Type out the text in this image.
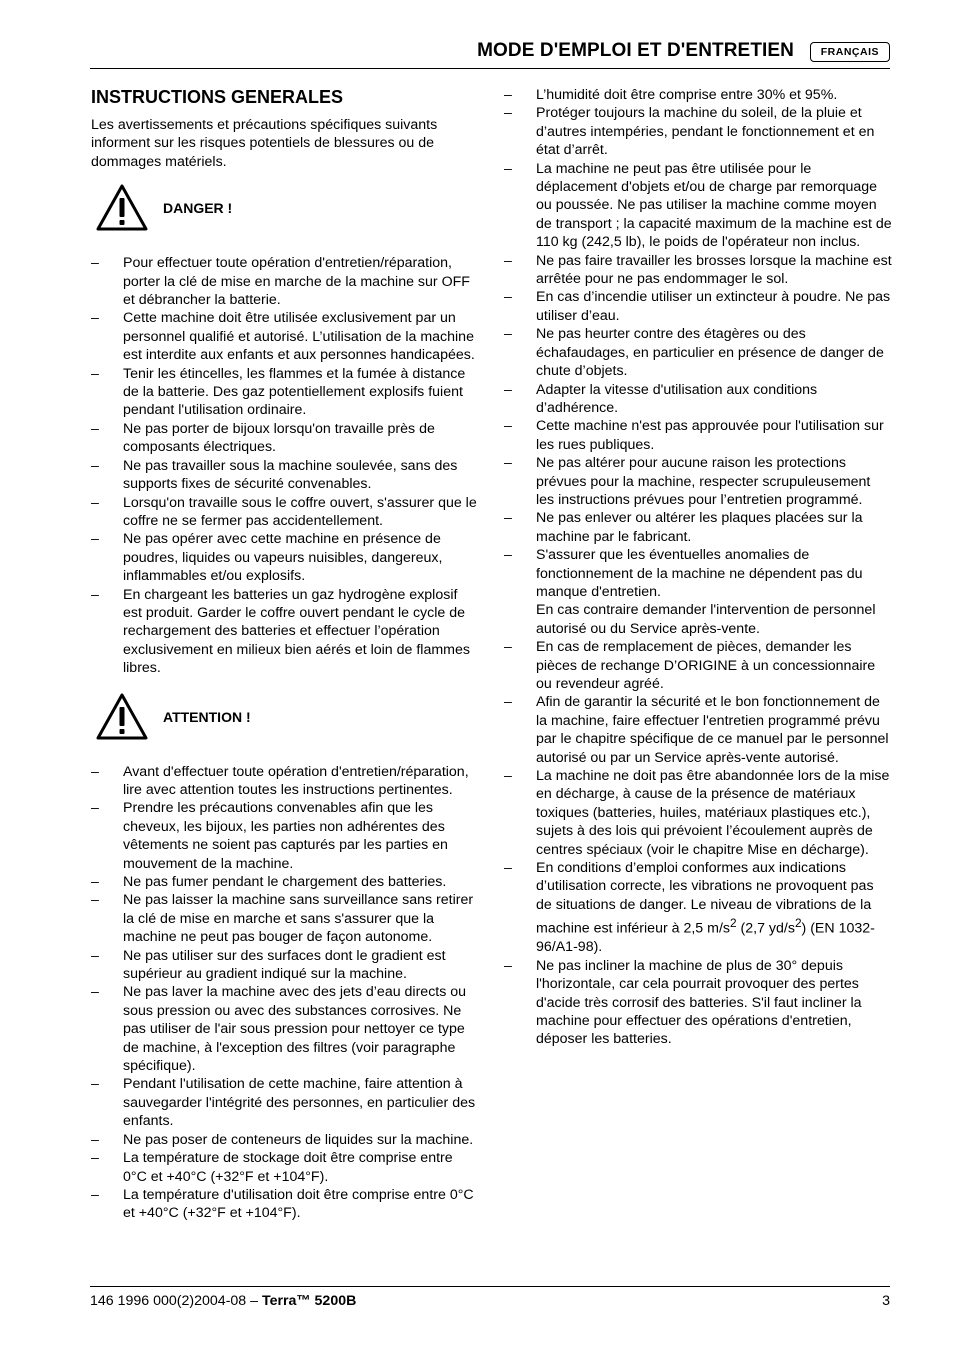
MODE D'EMPLOI ET D'ENTRETIEN	FRANÇAIS
INSTRUCTIONS GENERALES

Les avertissements et précautions spécifiques suivants informent sur les risques potentiels de blessures ou de dommages matériels.

DANGER !
– Pour effectuer toute opération d'entretien/réparation, porter la clé de mise en marche de la machine sur OFF et débrancher la batterie.
– Cette machine doit être utilisée exclusivement par un personnel qualifié et autorisé. L’utilisation de la machine est interdite aux enfants et aux personnes handicapées.
– Tenir les étincelles, les flammes et la fumée à distance de la batterie. Des gaz potentiellement explosifs fuient pendant l'utilisation ordinaire.
– Ne pas porter de bijoux lorsqu'on travaille près de composants électriques.
– Ne pas travailler sous la machine soulevée, sans des supports fixes de sécurité convenables.
– Lorsqu'on travaille sous le coffre ouvert, s'assurer que le coffre ne se fermer pas accidentellement.
– Ne pas opérer avec cette machine en présence de poudres, liquides ou vapeurs nuisibles, dangereux, inflammables et/ou explosifs.
– En chargeant les batteries un gaz hydrogène explosif est produit. Garder le coffre ouvert pendant le cycle de rechargement des batteries et effectuer l’opération exclusivement en milieux bien aérés et loin de flammes libres.
ATTENTION !
– Avant d'effectuer toute opération d'entretien/réparation, lire avec attention toutes les instructions pertinentes.
– Prendre les précautions convenables afin que les cheveux, les bijoux, les parties non adhérentes des vêtements ne soient pas capturés par les parties en mouvement de la machine.
– Ne pas fumer pendant le chargement des batteries.
– Ne pas laisser la machine sans surveillance sans retirer la clé de mise en marche et sans s'assurer que la machine ne peut pas bouger de façon autonome.
– Ne pas utiliser sur des surfaces dont le gradient est supérieur au gradient indiqué sur la machine.
– Ne pas laver la machine avec des jets d’eau directs ou sous pression ou avec des substances corrosives. Ne pas utiliser de l'air sous pression pour nettoyer ce type de machine, à l'exception des filtres (voir paragraphe spécifique).
– Pendant l'utilisation de cette machine, faire attention à sauvegarder l'intégrité des personnes, en particulier des enfants.
– Ne pas poser de conteneurs de liquides sur la machine.
– La température de stockage doit être comprise entre 0°C et +40°C (+32°F et +104°F).
– La température d'utilisation doit être comprise entre 0°C et +40°C (+32°F et +104°F).
– L’humidité doit être comprise entre 30% et 95%.
– Protéger toujours la machine du soleil, de la pluie et d’autres intempéries, pendant le fonctionnement et en état d’arrêt.
– La machine ne peut pas être utilisée pour le déplacement d'objets et/ou de charge par remorquage ou poussée. Ne pas utiliser la machine comme moyen de transport ; la capacité maximum de la machine est de 110 kg (242,5 lb), le poids de l'opérateur non inclus.
– Ne pas faire travailler les brosses lorsque la machine est arrêtée pour ne pas endommager le sol.
– En cas d’incendie utiliser un extincteur à poudre. Ne pas utiliser d’eau.
– Ne pas heurter contre des étagères ou des échafaudages, en particulier en présence de danger de chute d’objets.
– Adapter la vitesse d'utilisation aux conditions d’adhérence.
– Cette machine n'est pas approuvée pour l'utilisation sur les rues publiques.
– Ne pas altérer pour aucune raison les protections prévues pour la machine, respecter scrupuleusement les instructions prévues pour l’entretien programmé.
– Ne pas enlever ou altérer les plaques placées sur la machine par le fabricant.
– S'assurer que les éventuelles anomalies de fonctionnement de la machine ne dépendent pas du manque d'entretien.
En cas contraire demander l'intervention de personnel autorisé ou du Service après-vente.
– En cas de remplacement de pièces, demander les pièces de rechange D’ORIGINE à un concessionnaire ou revendeur agréé.
– Afin de garantir la sécurité et le bon fonctionnement de la machine, faire effectuer l'entretien programmé prévu par le chapitre spécifique de ce manuel par le personnel autorisé ou par un Service après-vente autorisé.
– La machine ne doit pas être abandonnée lors de la mise en décharge, à cause de la présence de matériaux toxiques (batteries, huiles, matériaux plastiques etc.), sujets à des lois qui prévoient l’écoulement auprès de centres spéciaux (voir le chapitre Mise en décharge).
– En conditions d’emploi conformes aux indications d’utilisation correcte, les vibrations ne provoquent pas de situations de danger. Le niveau de vibrations de la machine est inférieur à 2,5 $m/s^2$ (2,7 $yd/s^2$) (EN 1032-96/A1-98).
– Ne pas incliner la machine de plus de 30° depuis l'horizontale, car cela pourrait provoquer des pertes d'acide très corrosif des batteries. S'il faut incliner la machine pour effectuer des opérations d'entretien, déposer les batteries.
146 1996 000(2)2004-08 – Terra™ 5200B	3
